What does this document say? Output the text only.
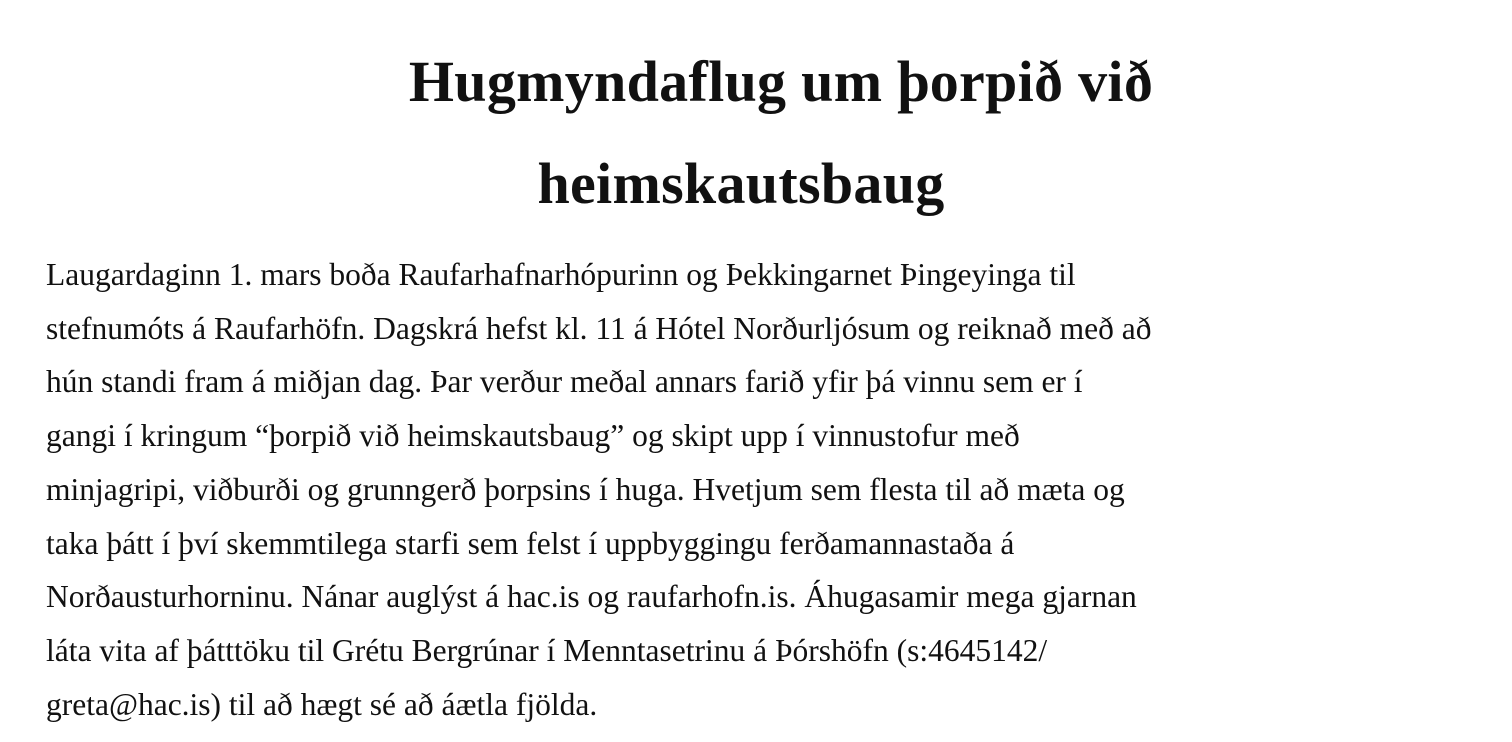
Hugmyndaflug um þorpið við
heimskautsbaug
Laugardaginn 1. mars boða Raufarhafnarhópurinn og Þekkingarnet Þingeyinga til
stefnumóts á Raufarhöfn. Dagskrá hefst kl. 11 á Hótel Norðurljósum og reiknað með að
hún standi fram á miðjan dag. Þar verður meðal annars farið yfir þá vinnu sem er í
gangi í kringum “þorpið við heimskautsbaug” og skipt upp í vinnustofur með
minjagripi, viðburði og grunngerð þorpsins í huga. Hvetjum sem flesta til að mæta og
taka þátt í því skemmtilega starfi sem felst í uppbyggingu ferðamannastaða á
Norðausturhorninu. Nánar auglýst á hac.is og raufarhofn.is. Áhugasamir mega gjarnan
láta vita af þátttöku til Grétu Bergrúnar í Menntasetrinu á Þórshöfn (s:4645142/
greta@hac.is) til að hægt sé að áætla fjölda.
